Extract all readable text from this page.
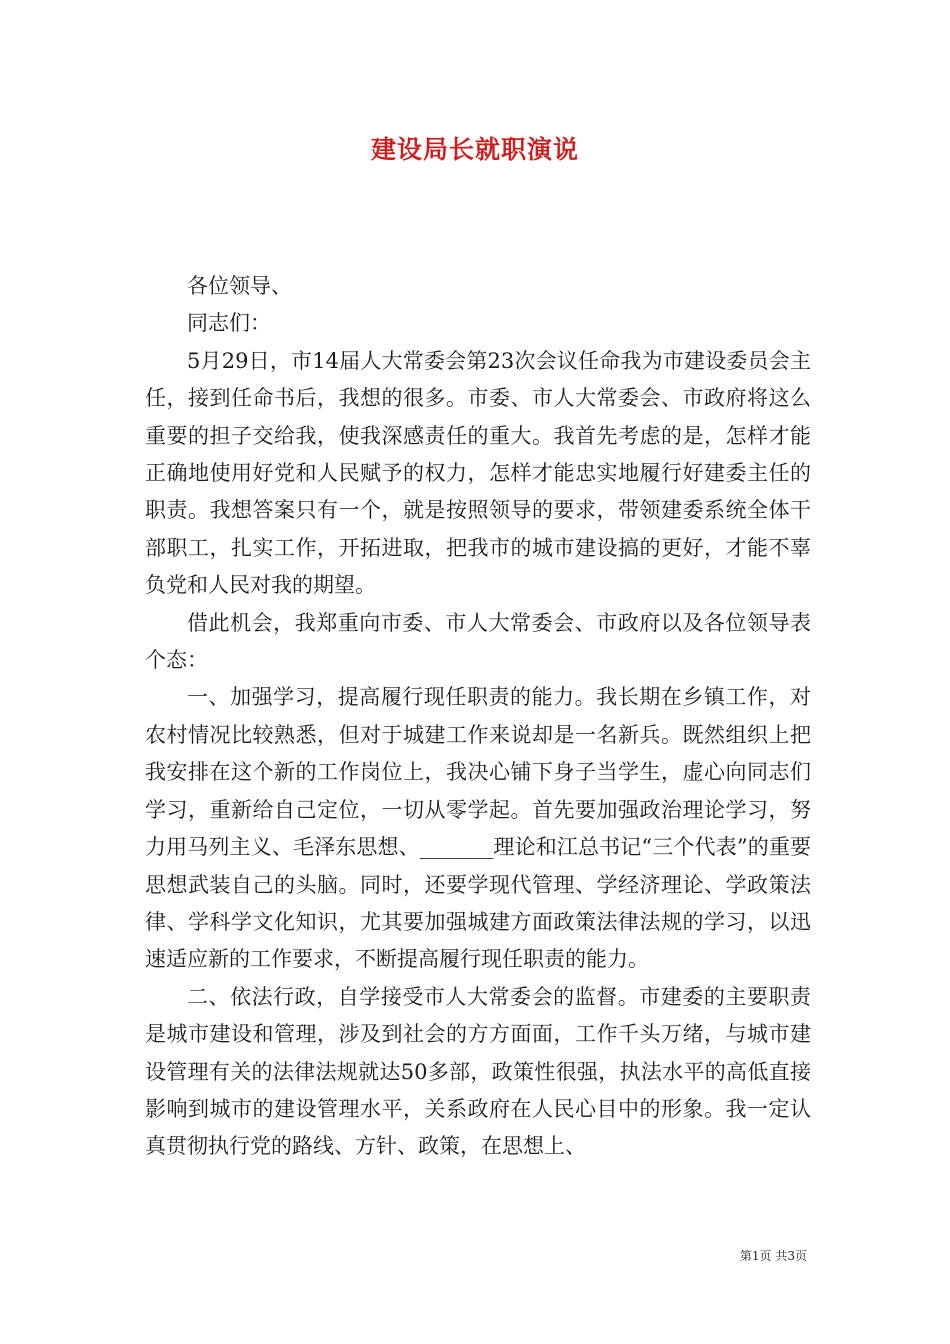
建设局长就职演说

各位领导、

同志们：

5月29日，市14届人大常委会第23次会议任命我为市建设委员会主任，接到任命书后，我想的很多。市委、市人大常委会、市政府将这么重要的担子交给我，使我深感责任的重大。我首先考虑的是，怎样才能正确地使用好党和人民赋予的权力，怎样才能忠实地履行好建委主任的职责。我想答案只有一个，就是按照领导的要求，带领建委系统全体干部职工，扎实工作，开拓进取，把我市的城市建设搞的更好，才能不辜负党和人民对我的期望。

借此机会，我郑重向市委、市人大常委会、市政府以及各位领导表个态：

一、加强学习，提高履行现任职责的能力。我长期在乡镇工作，对农村情况比较熟悉，但对于城建工作来说却是一名新兵。既然组织上把我安排在这个新的工作岗位上，我决心铺下身子当学生，虚心向同志们学习，重新给自己定位，一切从零学起。首先要加强政治理论学习，努力用马列主义、毛泽东思想、_______理论和江总书记“三个代表”的重要思想武装自己的头脑。同时，还要学现代管理、学经济理论、学政策法律、学科学文化知识，尤其要加强城建方面政策法律法规的学习，以迅速适应新的工作要求，不断提高履行现任职责的能力。

二、依法行政，自学接受市人大常委会的监督。市建委的主要职责是城市建设和管理，涉及到社会的方方面面，工作千头万绪，与城市建设管理有关的法律法规就达50多部，政策性很强，执法水平的高低直接影响到城市的建设管理水平，关系政府在人民心目中的形象。我一定认真贯彻执行党的路线、方针、政策，在思想上、

第1页 共3页
